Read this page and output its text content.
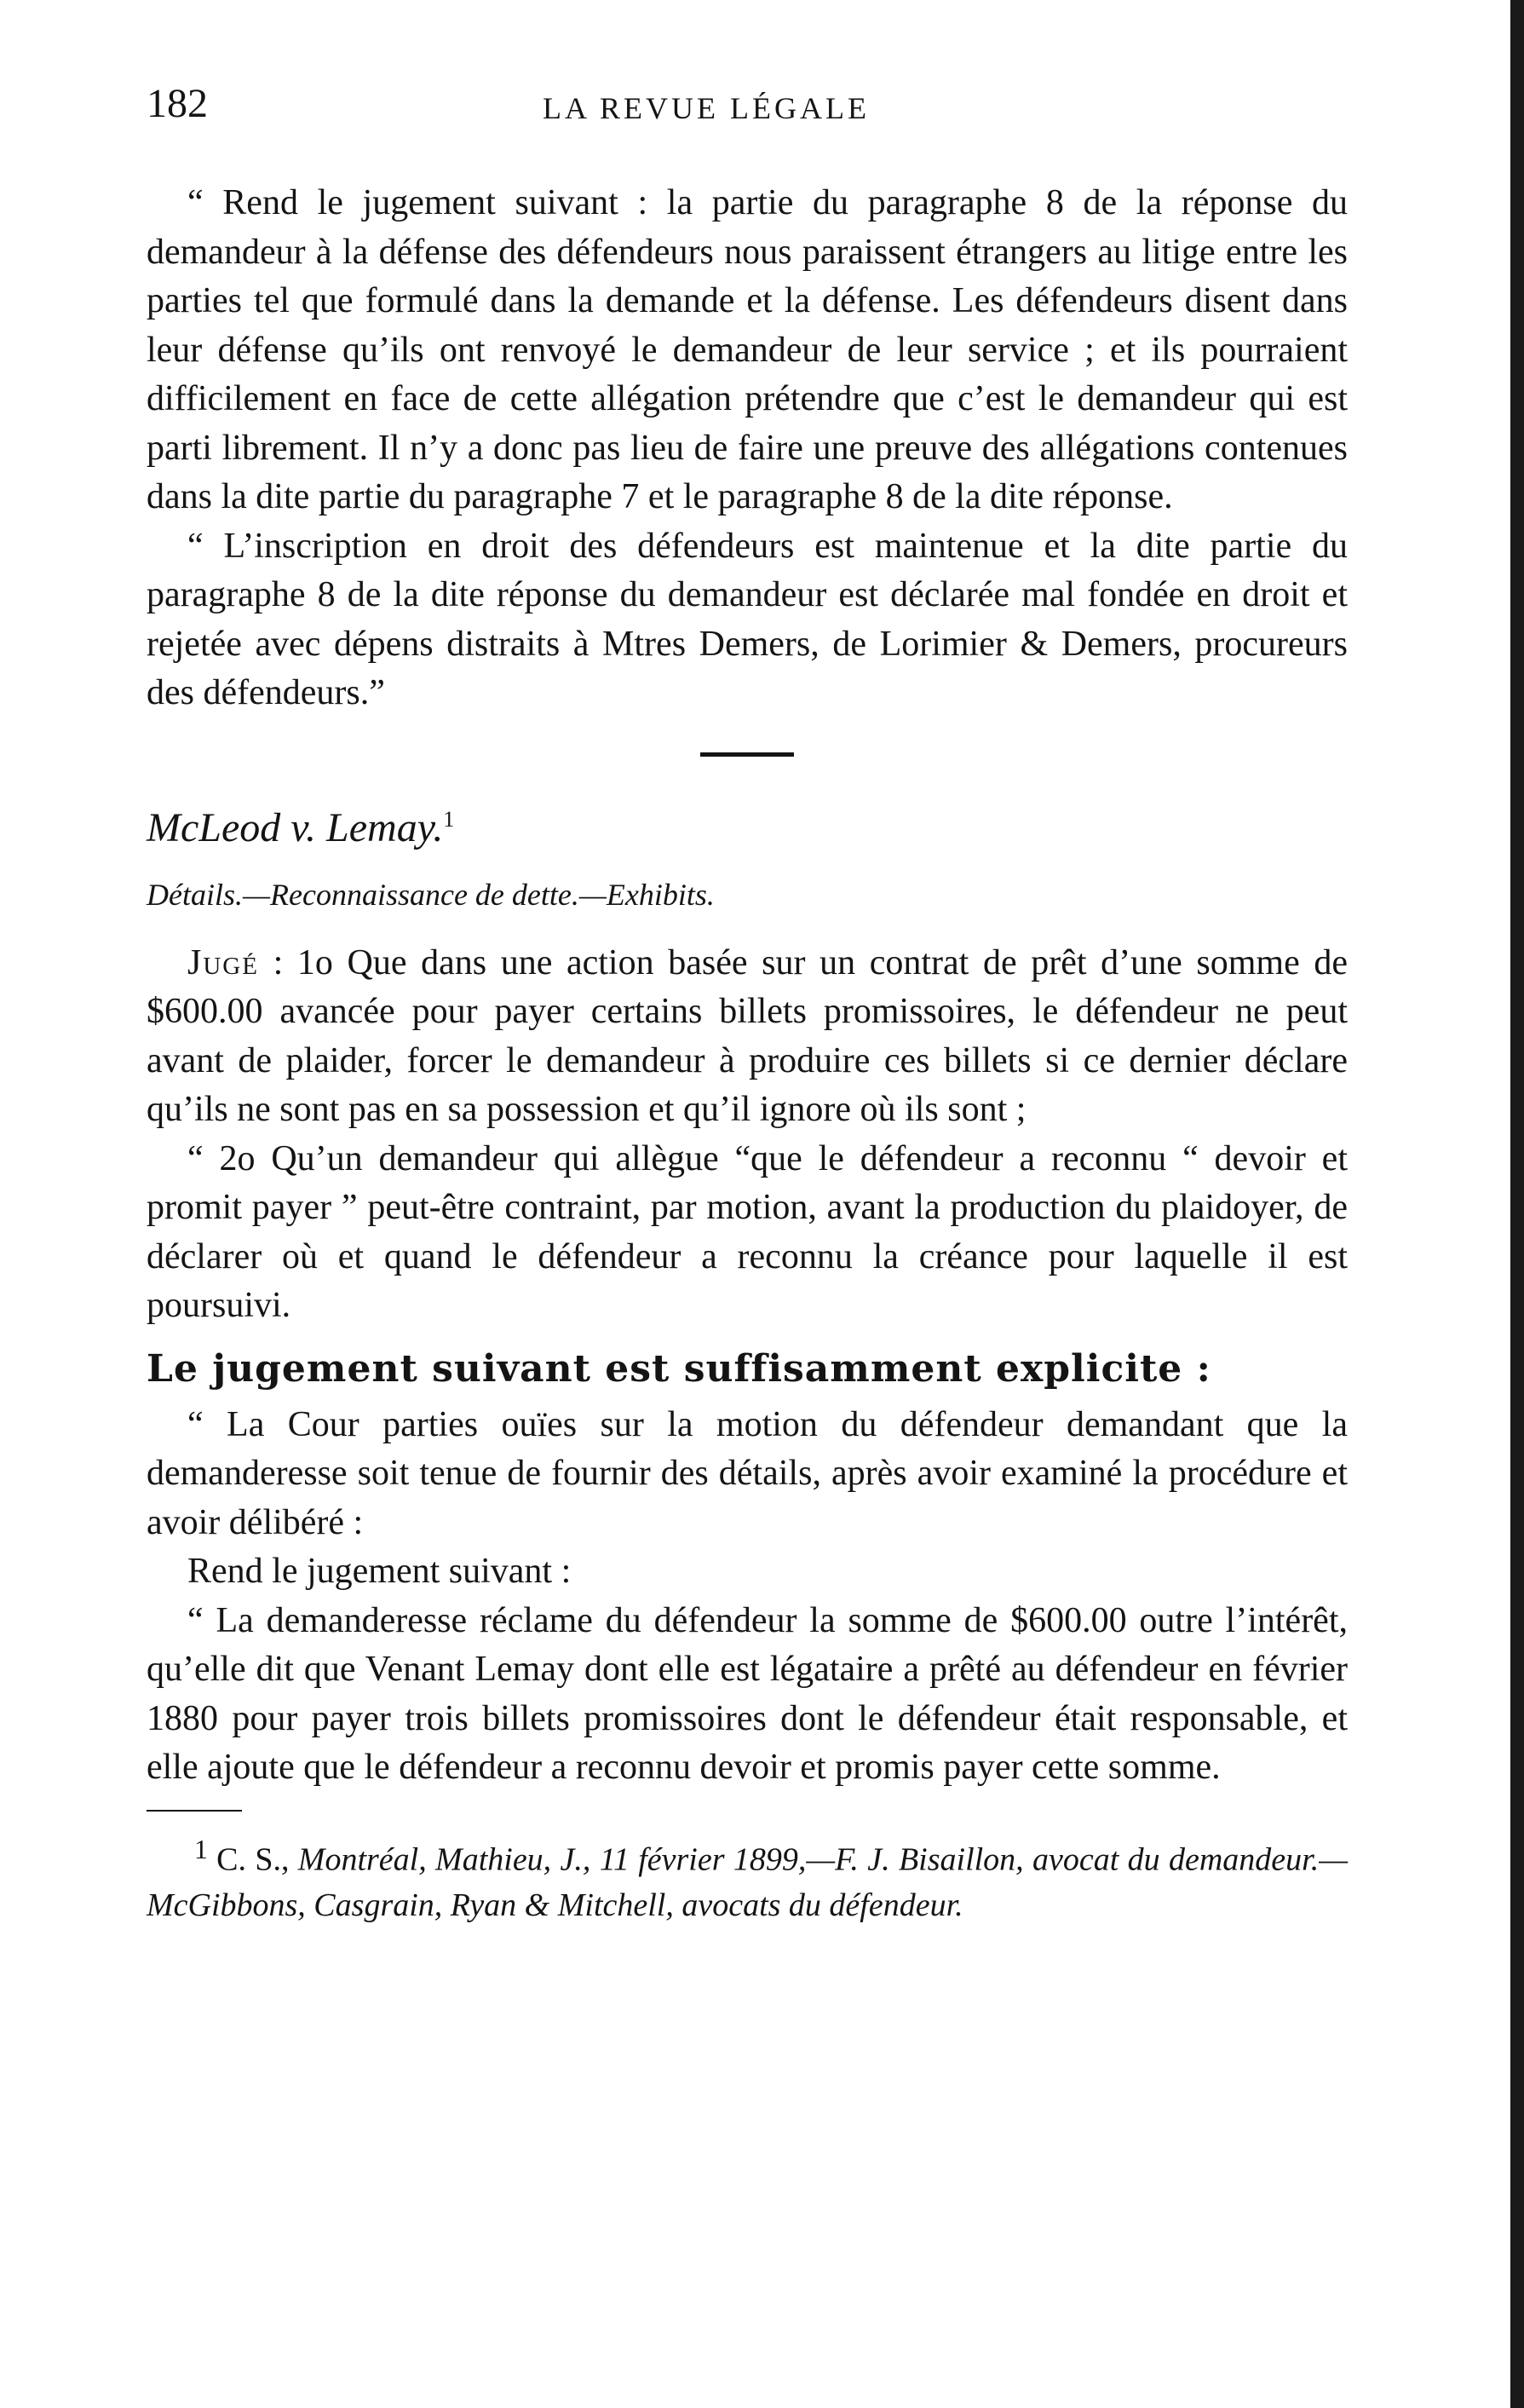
182	LA REVUE LÉGALE

“ Rend le jugement suivant : la partie du paragraphe 8 de la réponse du demandeur à la défense des défendeurs nous paraissent étrangers au litige entre les parties tel que formulé dans la demande et la défense. Les défendeurs disent dans leur défense qu’ils ont renvoyé le demandeur de leur service ; et ils pourraient difficilement en face de cette allégation prétendre que c’est le demandeur qui est parti librement. Il n’y a donc pas lieu de faire une preuve des allégations contenues dans la dite partie du paragraphe 7 et le paragraphe 8 de la dite réponse.

“ L’inscription en droit des défendeurs est maintenue et la dite partie du paragraphe 8 de la dite réponse du demandeur est déclarée mal fondée en droit et rejetée avec dépens distraits à Mtres Demers, de Lorimier & Demers, procureurs des défendeurs.”

McLeod v. Lemay.$^1$

Détails.—Reconnaissance de dette.—Exhibits.

Jugé : 1o Que dans une action basée sur un contrat de prêt d’une somme de $600.00 avancée pour payer certains billets promissoires, le défendeur ne peut avant de plaider, forcer le demandeur à produire ces billets si ce dernier déclare qu’ils ne sont pas en sa possession et qu’il ignore où ils sont ;

“ 2o Qu’un demandeur qui allègue “que le défendeur a reconnu “ devoir et promit payer ” peut-être contraint, par motion, avant la production du plaidoyer, de déclarer où et quand le défendeur a reconnu la créance pour laquelle il est poursuivi.

Le jugement suivant est suffisamment explicite :

“ La Cour parties ouïes sur la motion du défendeur demandant que la demanderesse soit tenue de fournir des détails, après avoir examiné la procédure et avoir délibéré :

Rend le jugement suivant :

“ La demanderesse réclame du défendeur la somme de $600.00 outre l’intérêt, qu’elle dit que Venant Lemay dont elle est légataire a prêté au défendeur en février 1880 pour payer trois billets promissoires dont le défendeur était responsable, et elle ajoute que le défendeur a reconnu devoir et promis payer cette somme.

$^1$ C. S., Montréal, Mathieu, J., 11 février 1899,—F. J. Bisaillon, avocat du demandeur.—McGibbons, Casgrain, Ryan & Mitchell, avocats du défendeur.
